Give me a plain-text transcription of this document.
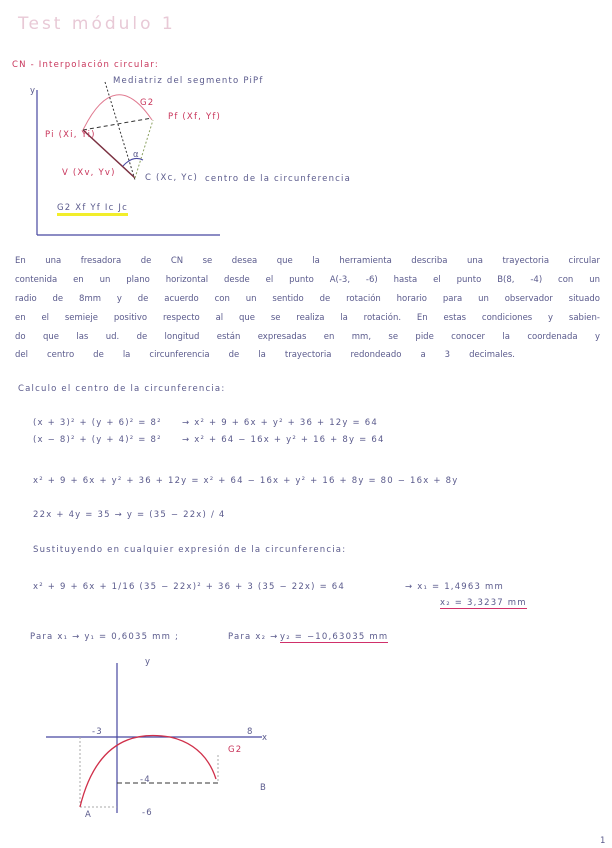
Test módulo 1
CN - Interpolación circular:
Mediatriz del segmento PiPf
y
G2
Pf (Xf, Yf)
Pi (Xi, Yi)
α
V (Xv, Yv)	C (Xc, Yc) centro de la circunferencia
G2 Xf Yf Ic Jc
En una fresadora de CN se desea que la herramienta describa una trayectoria circular
contenida en un plano horizontal desde el punto A(-3, -6) hasta el punto B(8, -4) con un
radio de 8mm y de acuerdo con un sentido de rotación horario para un observador situado
en el semieje positivo respecto al que se realiza la rotación. En estas condiciones y sabien-
do que las ud. de longitud están expresadas en mm, se pide conocer la coordenada y
del centro de la circunferencia de la trayectoria redondeado a 3 decimales.
Calculo el centro de la circunferencia:
(x + 3)² + (y + 6)² = 8² → x² + 9 + 6x + y² + 36 + 12y = 64
(x − 8)² + (y + 4)² = 8² → x² + 64 − 16x + y² + 16 + 8y = 64
x² + 9 + 6x + y² + 36 + 12y = x² + 64 − 16x + y² + 16 + 8y = 80 − 16x + 8y
22x + 4y = 35 → y = (35 − 22x) / 4
Sustituyendo en cualquier expresión de la circunferencia:
x² + 9 + 6x + 1/16 (35 − 22x)² + 36 + 3 (35 − 22x) = 64	→ x₁ = 1,4963 mm
x₂ = 3,3237 mm
Para x₁ → y₁ = 0,6035 mm ;	Para x₂ → y₂ = −10,63035 mm
y
x
-3	8
-4
-6
G2
A
B
1
